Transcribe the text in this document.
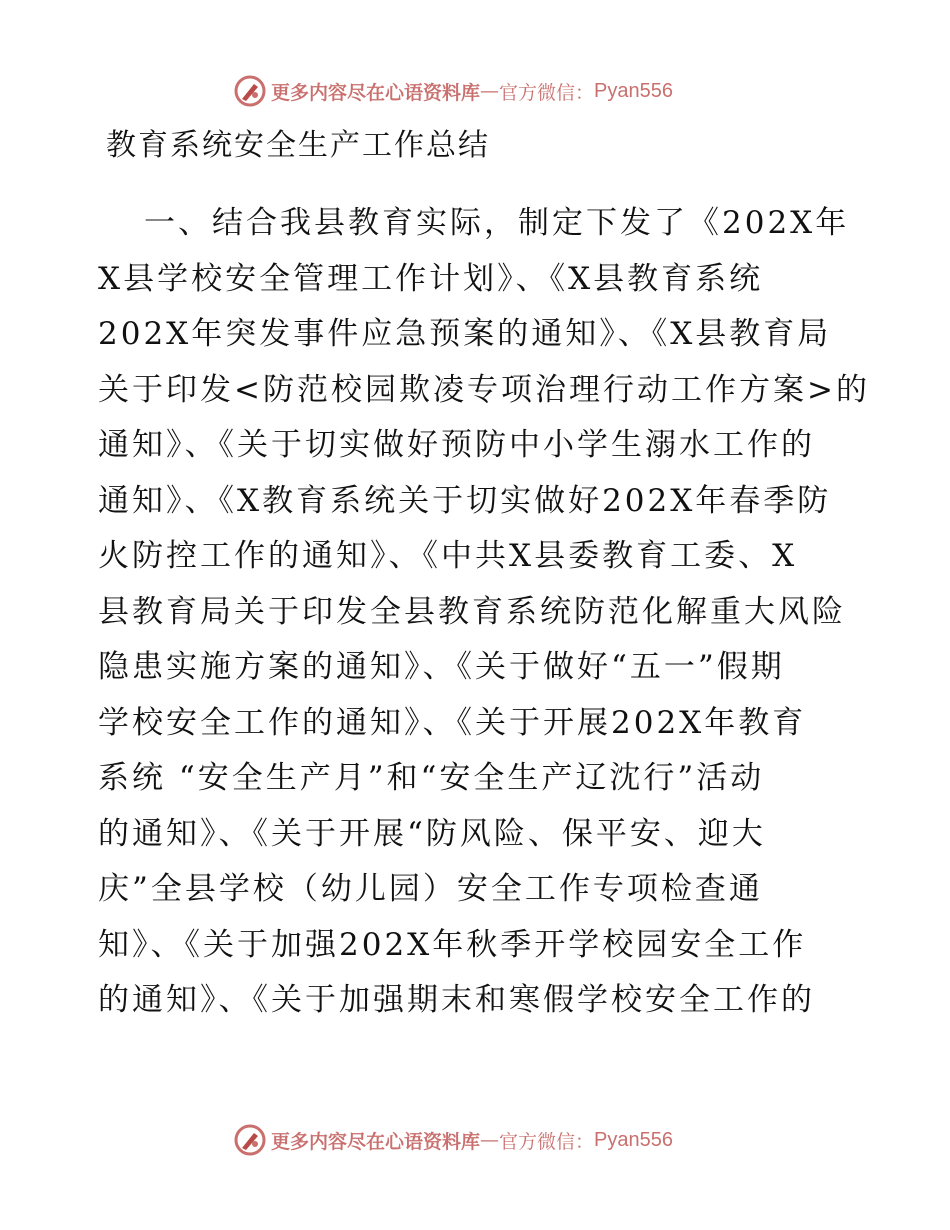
更多内容尽在心语资料库 — 官方微信： Pyan556
教育系统安全生产工作总结
一、结合我县教育实际，制定下发了《202X年
X县学校安全管理工作计划》、《X县教育系统
202X年突发事件应急预案的通知》、《X县教育局
关于印发<防范校园欺凌专项治理行动工作方案>的
通知》、《关于切实做好预防中小学生溺水工作的
通知》、《X教育系统关于切实做好202X年春季防
火防控工作的通知》、《中共X县委教育工委、X
县教育局关于印发全县教育系统防范化解重大风险
隐患实施方案的通知》、《关于做好“五一”假期
学校安全工作的通知》、《关于开展202X年教育
系统 “安全生产月”和“安全生产辽沈行”活动
的通知》、《关于开展“防风险、保平安、迎大
庆”全县学校（幼儿园）安全工作专项检查通
知》、《关于加强202X年秋季开学校园安全工作
的通知》、《关于加强期末和寒假学校安全工作的
更多内容尽在心语资料库 — 官方微信： Pyan556
